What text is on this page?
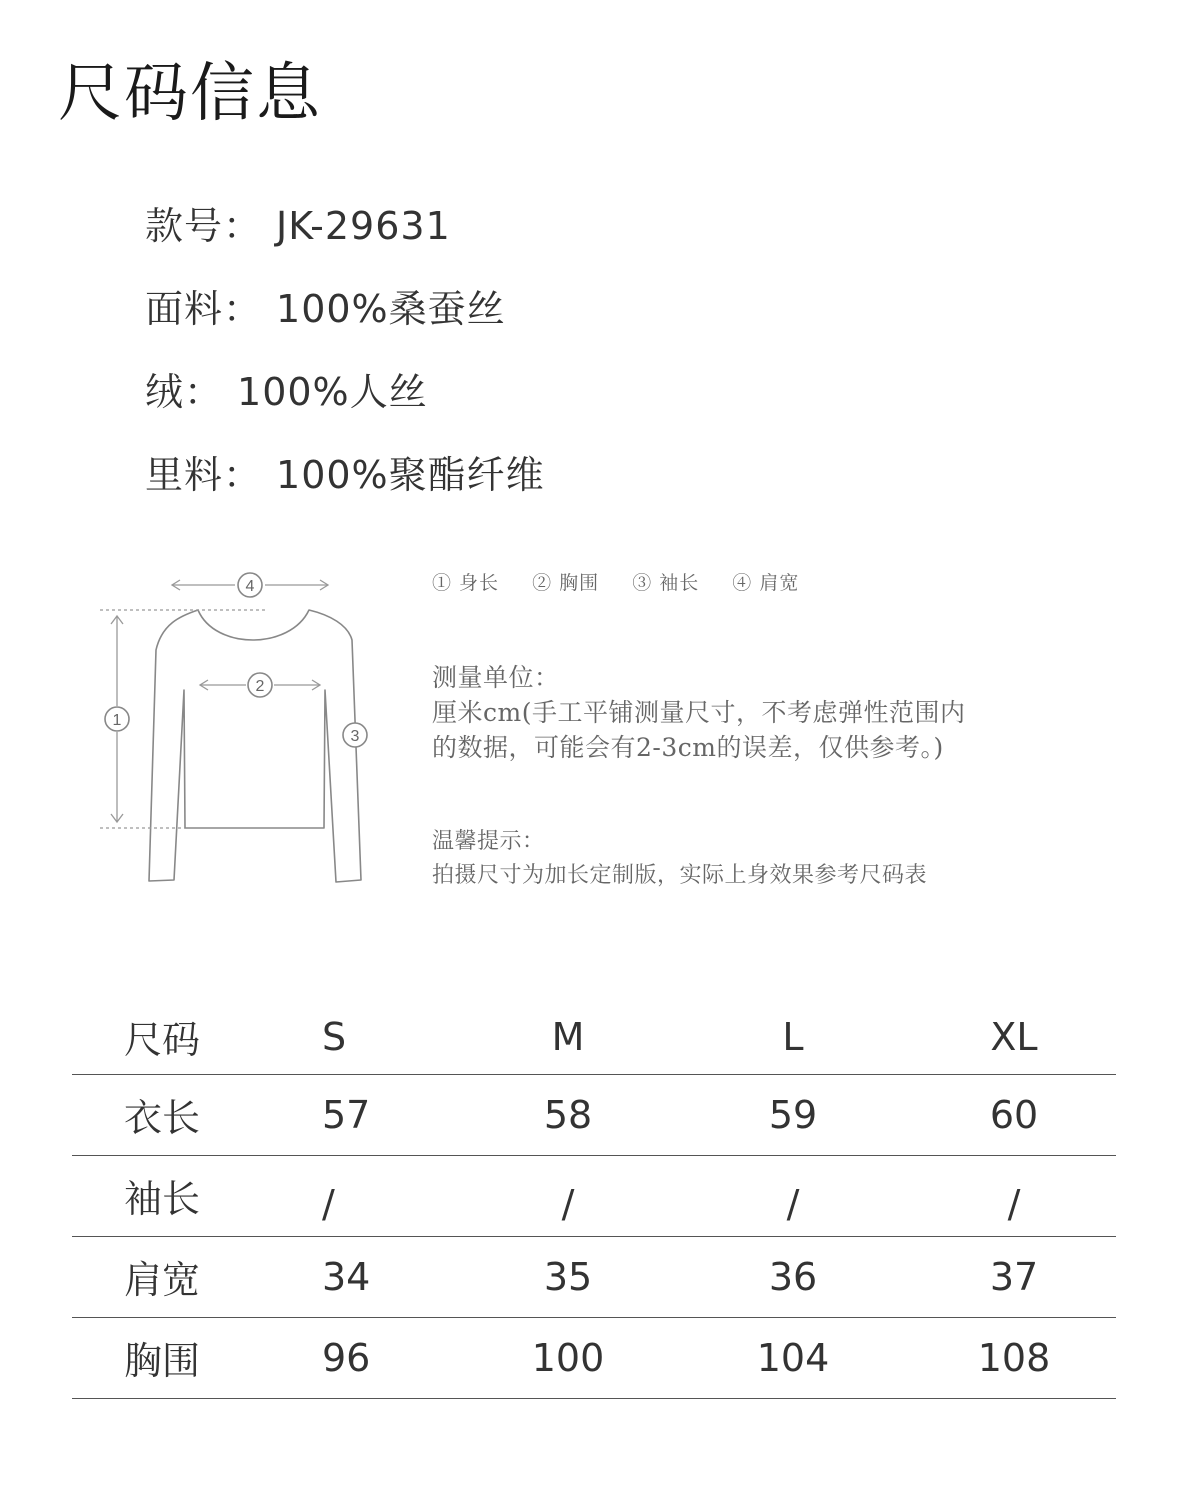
尺码信息
款号： JK-29631
面料： 100%桑蚕丝
绒： 100%人丝
里料： 100%聚酯纤维
1
2
3
4	① 身长 ② 胸围 ③ 袖长 ④ 肩宽

测量单位：

厘米cm(手工平铺测量尺寸，不考虑弹性范围内

的数据，可能会有2-3cm的误差，仅供参考。)

温馨提示：

拍摄尺寸为加长定制版，实际上身效果参考尺码表

尺码	S	M	L	XL
衣长	57	58	59	60
袖长	/	/	/	/
肩宽	34	35	36	37
胸围	96	100	104	108
